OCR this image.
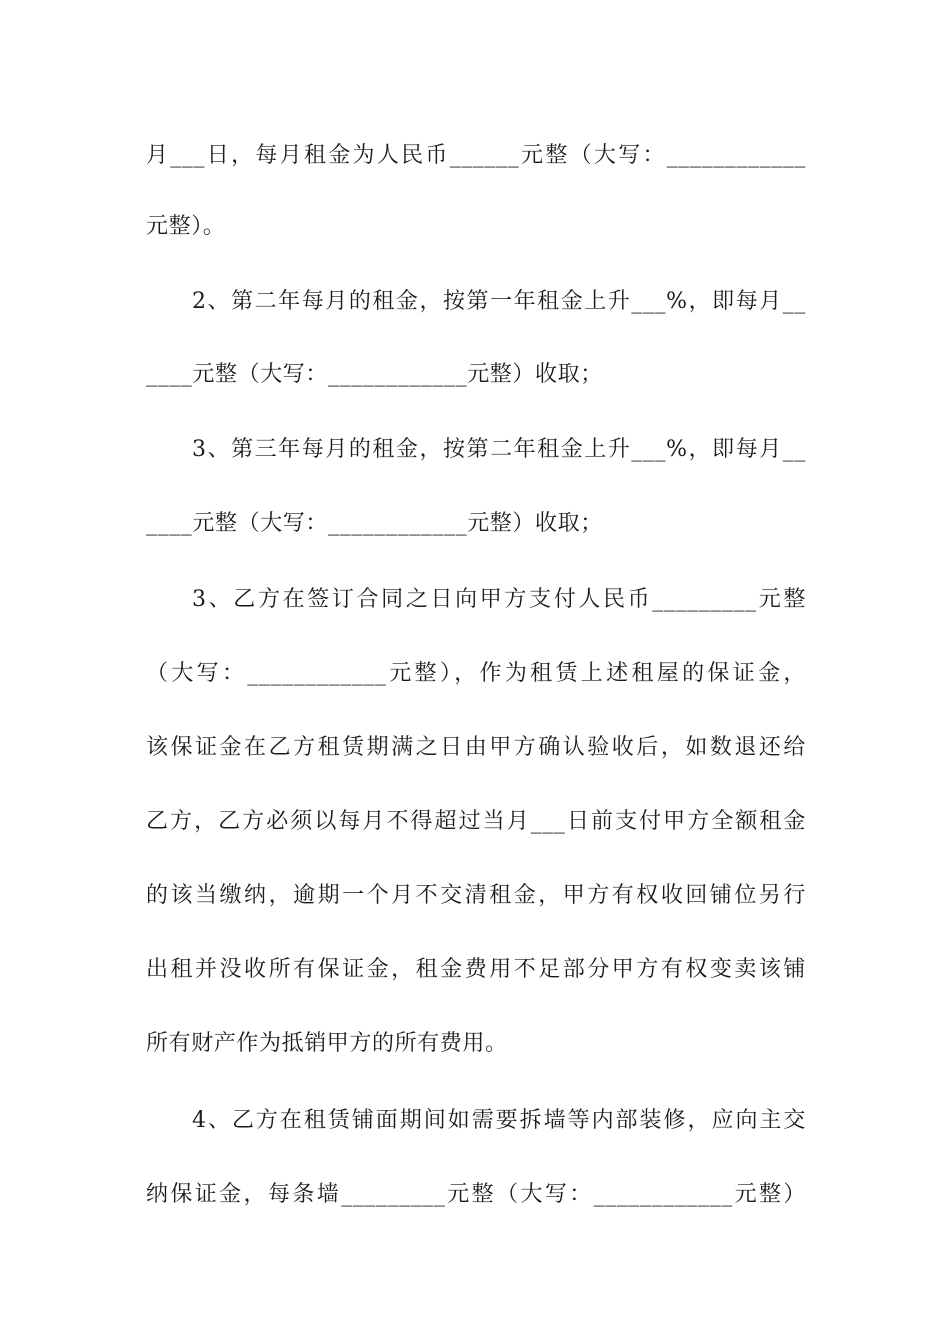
月___日，每月租金为人民币______元整（大写：____________
元整）。
2、第二年每月的租金，按第一年租金上升___%，即每月__
____元整（大写：____________元整）收取；
3、第三年每月的租金，按第二年租金上升___%，即每月__
____元整（大写：____________元整）收取；
3、乙方在签订合同之日向甲方支付人民币_________元整
（大写：____________元整），作为租赁上述租屋的保证金，
该保证金在乙方租赁期满之日由甲方确认验收后，如数退还给
乙方，乙方必须以每月不得超过当月___日前支付甲方全额租金
的该当缴纳，逾期一个月不交清租金，甲方有权收回铺位另行
出租并没收所有保证金，租金费用不足部分甲方有权变卖该铺
所有财产作为抵销甲方的所有费用。
4、乙方在租赁铺面期间如需要拆墙等内部装修，应向主交
纳保证金，每条墙_________元整（大写：____________元整）
